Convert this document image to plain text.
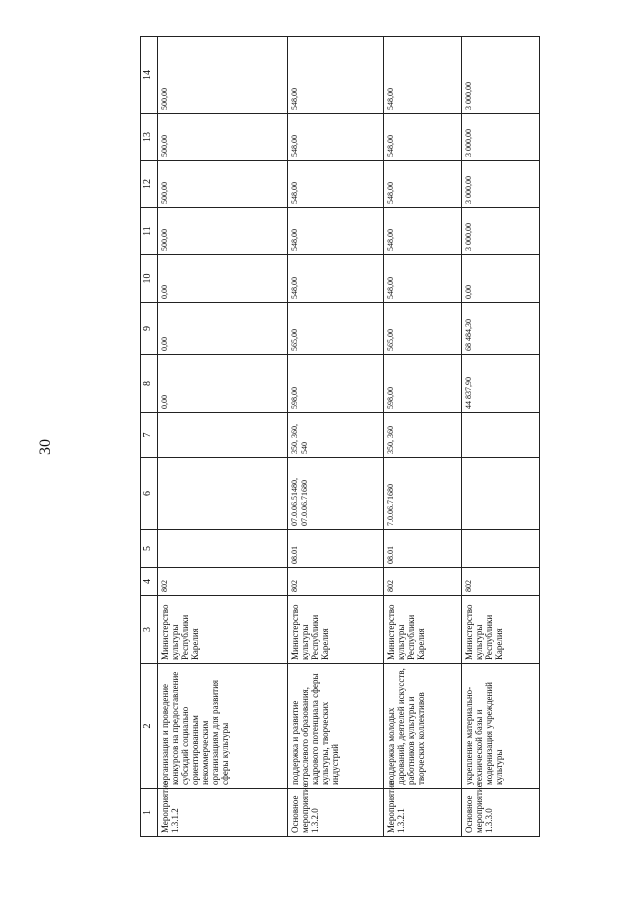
30
1	2	3	4	5	6	7	8	9	10	11	12	13	14
Мероприятие 1.3.1.2	организация и проведение конкурсов на предоставление субсидий социально ориентированным некоммерческим организациям для развития сферы культуры	Министерство культуры Республики Карелия	802				0,00	0,00	0,00	500,00	500,00	500,00	500,00
Основное мероприятие 1.3.2.0	поддержка и развитие отраслевого образования, кадрового потенциала сферы культуры, творческих индустрий	Министерство культуры Республики Карелия	802	08.01	07.0.06.51480, 07.0.06.71680	350, 360, 540	598,00	565,00	548,00	548,00	548,00	548,00	548,00
Мероприятие 1.3.2.1	поддержка молодых дарований, деятелей искусств, работников культуры и творческих коллективов	Министерство культуры Республики Карелия	802	08.01	7.0.06.71680	350, 360	598,00	565,00	548,00	548,00	548,00	548,00	548,00
Основное мероприятие 1.3.3.0	укрепление материально-технической базы и модернизация учреждений культуры	Министерство культуры Республики Карелия	802				44 837,90	68 484,30	0,00	3 000,00	3 000,00	3 000,00	3 000,00
